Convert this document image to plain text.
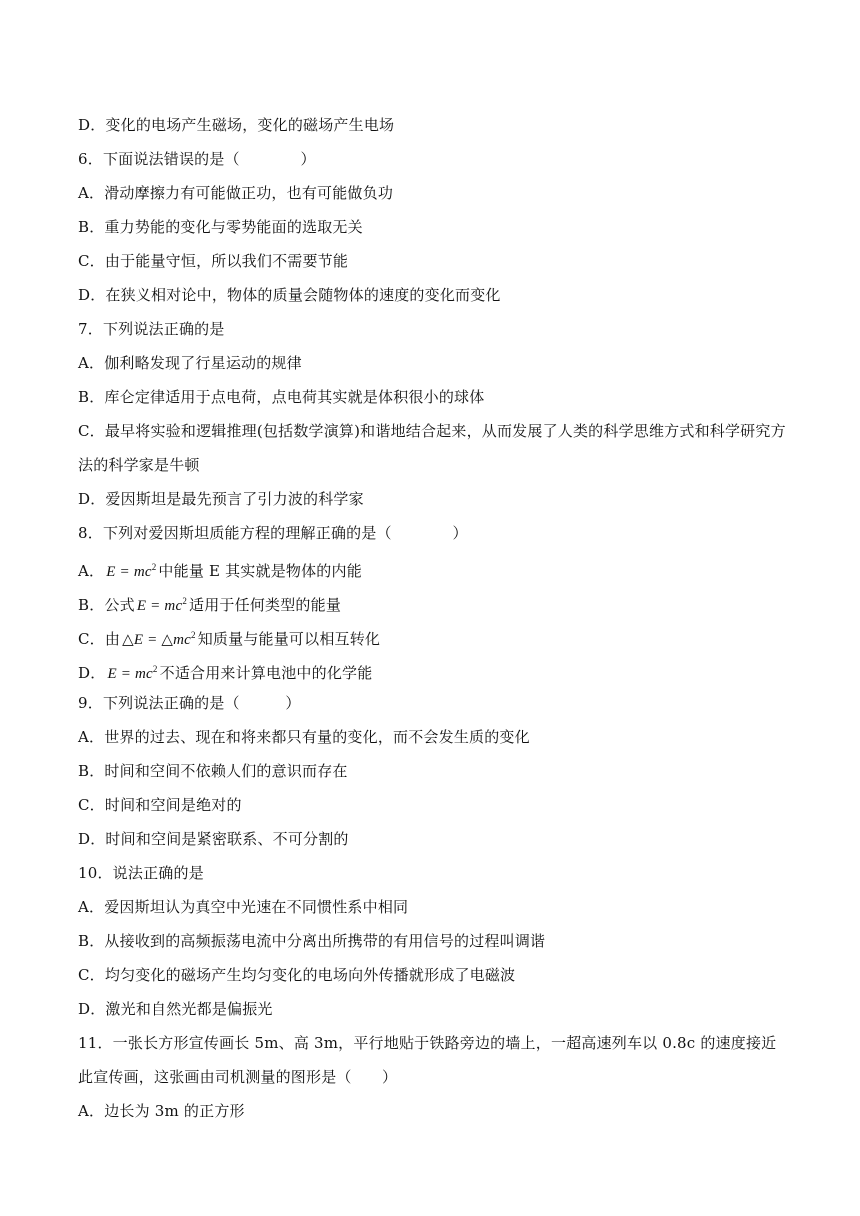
D．变化的电场产生磁场，变化的磁场产生电场
6．下面说法错误的是（　　　　）
A．滑动摩擦力有可能做正功，也有可能做负功
B．重力势能的变化与零势能面的选取无关
C．由于能量守恒，所以我们不需要节能
D．在狭义相对论中，物体的质量会随物体的速度的变化而变化
7．下列说法正确的是
A．伽利略发现了行星运动的规律
B．库仑定律适用于点电荷，点电荷其实就是体积很小的球体
C．最早将实验和逻辑推理(包括数学演算)和谐地结合起来，从而发展了人类的科学思维方式和科学研究方法的科学家是牛顿
D．爱因斯坦是最先预言了引力波的科学家
8．下列对爱因斯坦质能方程的理解正确的是（　　　　）
A． $E = mc^2$ 中能量 E 其实就是物体的内能
B．公式 $E = mc^2$ 适用于任何类型的能量
C．由 △E = $\triangle mc^2$ 知质量与能量可以相互转化
D． $E = mc^2$ 不适合用来计算电池中的化学能
9．下列说法正确的是（　　　）
A．世界的过去、现在和将来都只有量的变化，而不会发生质的变化
B．时间和空间不依赖人们的意识而存在
C．时间和空间是绝对的
D．时间和空间是紧密联系、不可分割的
10．说法正确的是
A．爱因斯坦认为真空中光速在不同惯性系中相同
B．从接收到的高频振荡电流中分离出所携带的有用信号的过程叫调谐
C．均匀变化的磁场产生均匀变化的电场向外传播就形成了电磁波
D．激光和自然光都是偏振光
11．一张长方形宣传画长 5m、高 3m，平行地贴于铁路旁边的墙上，一超高速列车以 0.8c 的速度接近此宣传画，这张画由司机测量的图形是（　　）
A．边长为 3m 的正方形
